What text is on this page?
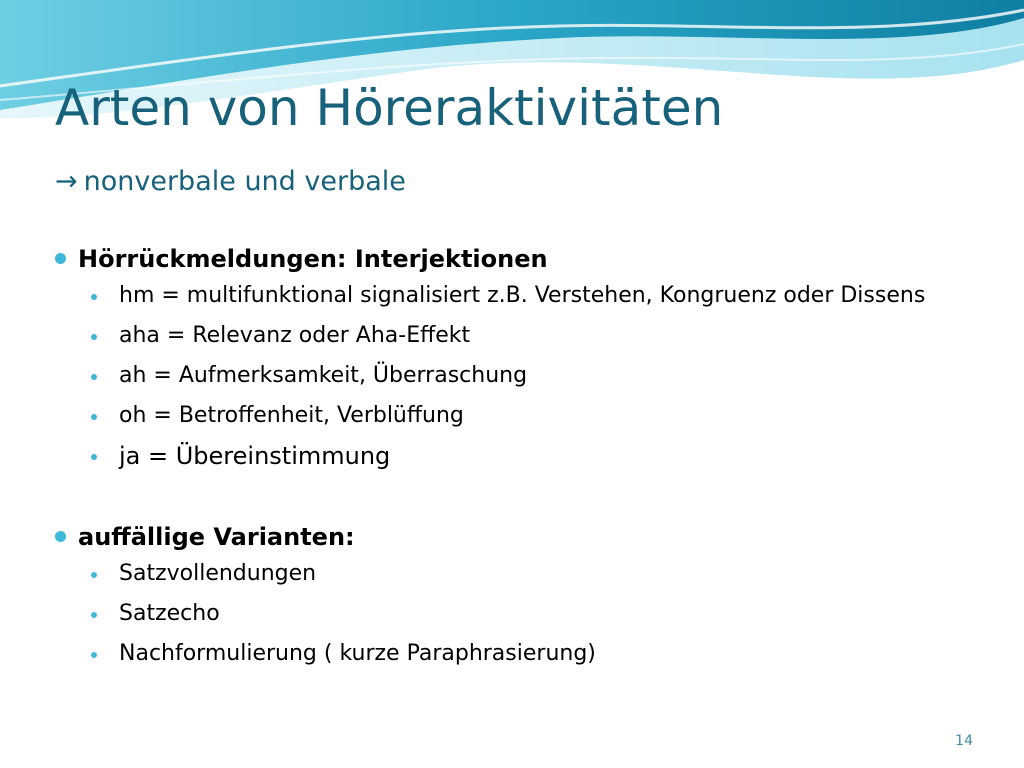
Arten von Höreraktivitäten
→ nonverbale und verbale
Hörrückmeldungen: Interjektionen
hm = multifunktional signalisiert z.B. Verstehen, Kongruenz oder Dissens
aha = Relevanz oder Aha-Effekt
ah = Aufmerksamkeit, Überraschung
oh = Betroffenheit, Verblüffung
ja = Übereinstimmung
auffällige Varianten:
Satzvollendungen
Satzecho
Nachformulierung ( kurze Paraphrasierung)
14
